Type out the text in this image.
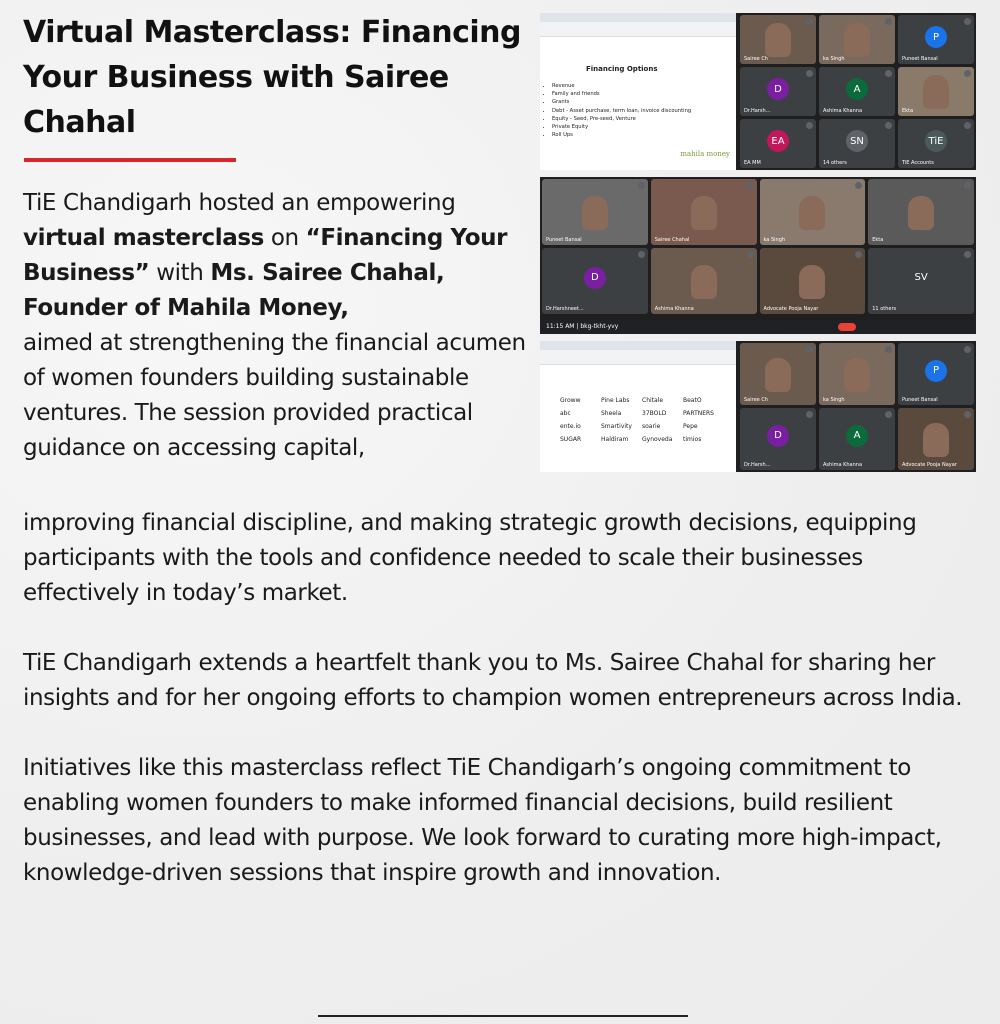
Virtual Masterclass: Financing Your Business with Sairee Chahal

TiE Chandigarh hosted an empowering
virtual masterclass on “Financing Your Business” with Ms. Sairee Chahal, Founder of Mahila Money,
aimed at strengthening the financial acumen of women founders building sustainable ventures. The session provided practical guidance on accessing capital,

improving financial discipline, and making strategic growth decisions, equipping participants with the tools and confidence needed to scale their businesses effectively in today’s market.

TiE Chandigarh extends a heartfelt thank you to Ms. Sairee Chahal for sharing her insights and for her ongoing efforts to champion women entrepreneurs across India.

Initiatives like this masterclass reflect TiE Chandigarh’s ongoing commitment to enabling women founders to make informed financial decisions, build resilient businesses, and lead with purpose. We look forward to curating more high-impact, knowledge-driven sessions that inspire growth and innovation.

Financing Options
• Revenue
• Family and friends
• Grants
• Debt - Asset purchase, term loan, invoice discounting
• Equity - Seed, Pre-seed, Venture
• Private Equity
• Roll Ups
mahila money
Sairee Ch	ka Singh
P
Puneet Bansal
D
Dr.Harsh...
A
Ashima Khanna	Ekta
EA
EA MM
SN
14 others
TiE
TiE Accounts
Puneet Bansal	Sairee Chahal	ka Singh	Ekta
D
Dr.Harshneet...	Ashima Khanna	Advocate Pooja Nayar
SV
11 others
11:15 AM | bkg-tkht-yvy
Groww	Pine Labs	Chitale	BeatO
abc	Sheela	37BOLD	PARTNERS
ente.io	Smartivity	soarie	Pepe
SUGAR	Haldiram	Gynoveda	timios
Sairee Ch	ka Singh
P
Puneet Bansal
D
Dr.Harsh...
A
Ashima Khanna	Advocate Pooja Nayar
